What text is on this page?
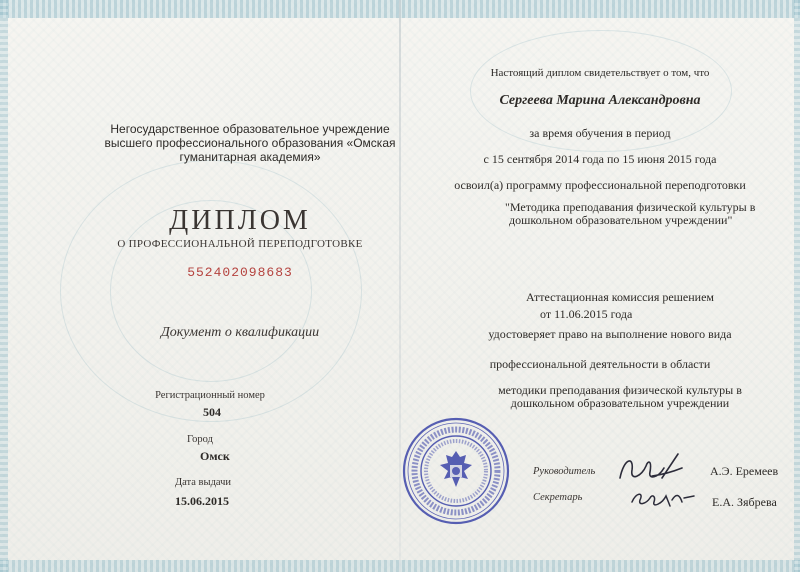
Негосударственное образовательное учреждение высшего профессионального образования «Омская гуманитарная академия»
ДИПЛОМ
О ПРОФЕССИОНАЛЬНОЙ ПЕРЕПОДГОТОВКЕ
552402098683
Документ о квалификации
Регистрационный номер
504
Город
Омск
Дата выдачи
15.06.2015
Настоящий диплом свидетельствует о том, что
Сергеева Марина Александровна
за время обучения в период
с 15 сентября 2014 года по 15 июня 2015 года
освоил(а) программу профессиональной переподготовки
"Методика преподавания физической культуры в
дошкольном образовательном учреждении"
Аттестационная комиссия решением
от 11.06.2015 года
удостоверяет право на выполнение нового вида
профессиональной деятельности в области
методики преподавания физической культуры в
дошкольном образовательном учреждении
Руководитель	А.Э. Еремеев
Секретарь	Е.А. Зябрева
